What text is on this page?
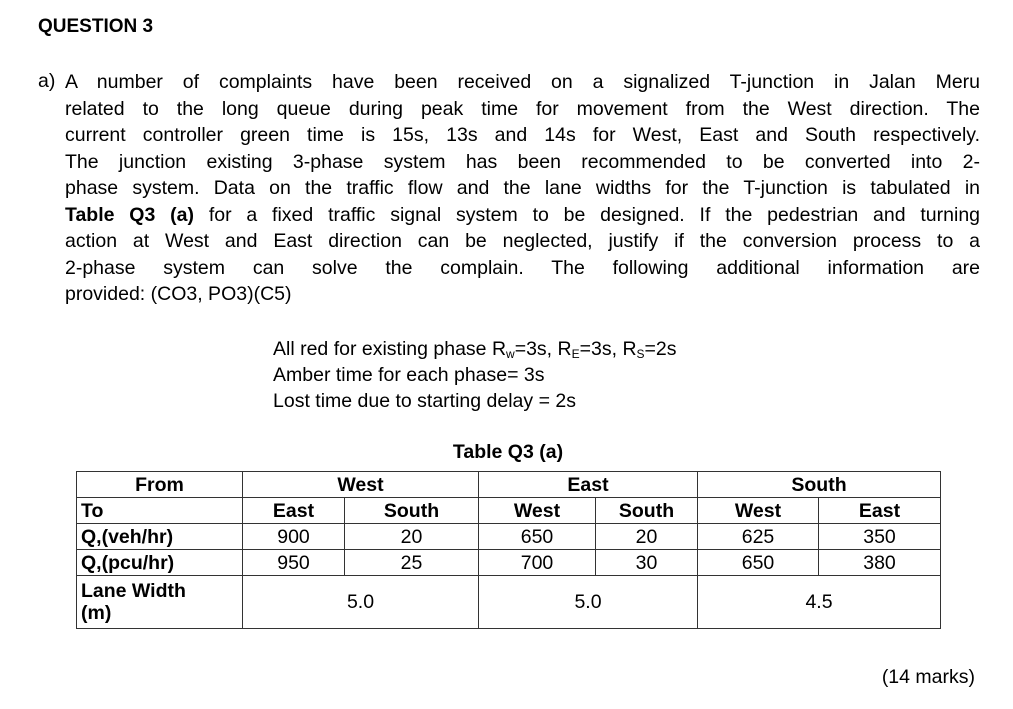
QUESTION 3
a) A number of complaints have been received on a signalized T-junction in Jalan Meru
related to the long queue during peak time for movement from the West direction. The
current controller green time is 15s, 13s and 14s for West, East and South respectively.
The junction existing 3-phase system has been recommended to be converted into 2-
phase system. Data on the traffic flow and the lane widths for the T-junction is tabulated in
Table Q3 (a) for a fixed traffic signal system to be designed. If the pedestrian and turning
action at West and East direction can be neglected, justify if the conversion process to a
2-phase system can solve the complain. The following additional information are
provided: (CO3, PO3)(C5)
All red for existing phase $R_w=3s$, $R_E=3s$, $R_S=2s$
Amber time for each phase= 3s
Lost time due to starting delay = 2s
Table Q3 (a)
From	West		East		South	
To	East	South	West	South	West	East
Q,(veh/hr)	900	20	650	20	625	350
Q,(pcu/hr)	950	25	700	30	650	380
Lane Width
(m)	5.0		5.0		4.5	
(14 marks)
